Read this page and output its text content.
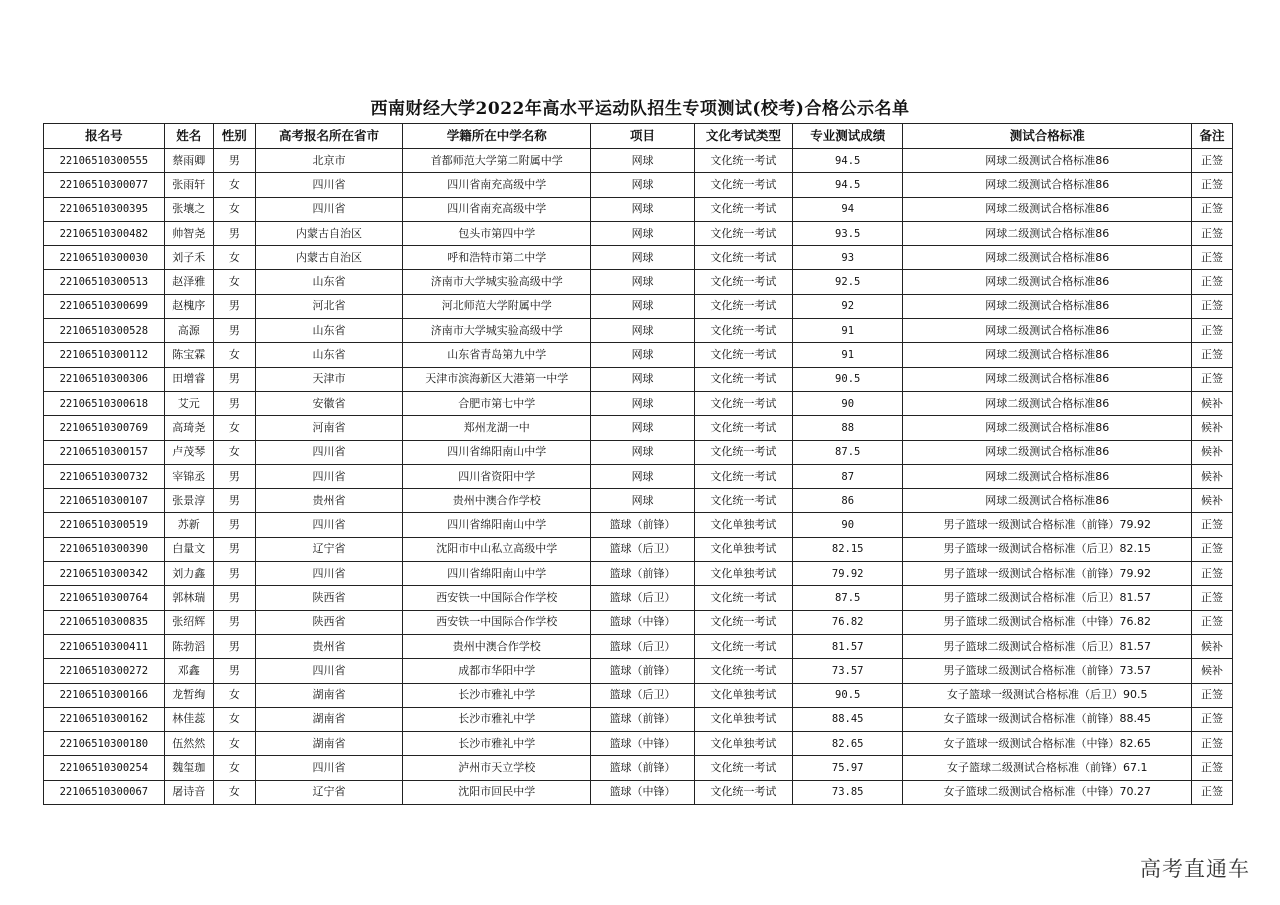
西南财经大学2022年高水平运动队招生专项测试(校考)合格公示名单
报名号	姓名	性别	高考报名所在省市	学籍所在中学名称	项目	文化考试类型	专业测试成绩	测试合格标准	备注
22106510300555	蔡雨卿	男	北京市	首都师范大学第二附属中学	网球	文化统一考试	94.5	网球二级测试合格标准86	正签
22106510300077	张雨轩	女	四川省	四川省南充高级中学	网球	文化统一考试	94.5	网球二级测试合格标准86	正签
22106510300395	张壤之	女	四川省	四川省南充高级中学	网球	文化统一考试	94	网球二级测试合格标准86	正签
22106510300482	帅智尧	男	内蒙古自治区	包头市第四中学	网球	文化统一考试	93.5	网球二级测试合格标准86	正签
22106510300030	刘子禾	女	内蒙古自治区	呼和浩特市第二中学	网球	文化统一考试	93	网球二级测试合格标准86	正签
22106510300513	赵泽雅	女	山东省	济南市大学城实验高级中学	网球	文化统一考试	92.5	网球二级测试合格标准86	正签
22106510300699	赵槐序	男	河北省	河北师范大学附属中学	网球	文化统一考试	92	网球二级测试合格标准86	正签
22106510300528	高源	男	山东省	济南市大学城实验高级中学	网球	文化统一考试	91	网球二级测试合格标准86	正签
22106510300112	陈宝霖	女	山东省	山东省青岛第九中学	网球	文化统一考试	91	网球二级测试合格标准86	正签
22106510300306	田增睿	男	天津市	天津市滨海新区大港第一中学	网球	文化统一考试	90.5	网球二级测试合格标准86	正签
22106510300618	艾元	男	安徽省	合肥市第七中学	网球	文化统一考试	90	网球二级测试合格标准86	候补
22106510300769	高琦尧	女	河南省	郑州龙湖一中	网球	文化统一考试	88	网球二级测试合格标准86	候补
22106510300157	卢茂琴	女	四川省	四川省绵阳南山中学	网球	文化统一考试	87.5	网球二级测试合格标准86	候补
22106510300732	宰锦丞	男	四川省	四川省资阳中学	网球	文化统一考试	87	网球二级测试合格标准86	候补
22106510300107	张景淳	男	贵州省	贵州中澳合作学校	网球	文化统一考试	86	网球二级测试合格标准86	候补
22106510300519	苏新	男	四川省	四川省绵阳南山中学	篮球（前锋）	文化单独考试	90	男子篮球一级测试合格标准（前锋）79.92	正签
22106510300390	白量文	男	辽宁省	沈阳市中山私立高级中学	篮球（后卫）	文化单独考试	82.15	男子篮球一级测试合格标准（后卫）82.15	正签
22106510300342	刘力鑫	男	四川省	四川省绵阳南山中学	篮球（前锋）	文化单独考试	79.92	男子篮球一级测试合格标准（前锋）79.92	正签
22106510300764	郭林瑞	男	陕西省	西安铁一中国际合作学校	篮球（后卫）	文化统一考试	87.5	男子篮球二级测试合格标准（后卫）81.57	正签
22106510300835	张绍辉	男	陕西省	西安铁一中国际合作学校	篮球（中锋）	文化统一考试	76.82	男子篮球二级测试合格标准（中锋）76.82	正签
22106510300411	陈勃滔	男	贵州省	贵州中澳合作学校	篮球（后卫）	文化统一考试	81.57	男子篮球二级测试合格标准（后卫）81.57	候补
22106510300272	邓鑫	男	四川省	成都市华阳中学	篮球（前锋）	文化统一考试	73.57	男子篮球二级测试合格标准（前锋）73.57	候补
22106510300166	龙暂绚	女	湖南省	长沙市雅礼中学	篮球（后卫）	文化单独考试	90.5	女子篮球一级测试合格标准（后卫）90.5	正签
22106510300162	林佳蕊	女	湖南省	长沙市雅礼中学	篮球（前锋）	文化单独考试	88.45	女子篮球一级测试合格标准（前锋）88.45	正签
22106510300180	伍然然	女	湖南省	长沙市雅礼中学	篮球（中锋）	文化单独考试	82.65	女子篮球一级测试合格标准（中锋）82.65	正签
22106510300254	魏玺珈	女	四川省	泸州市天立学校	篮球（前锋）	文化统一考试	75.97	女子篮球二级测试合格标准（前锋）67.1	正签
22106510300067	屠诗音	女	辽宁省	沈阳市回民中学	篮球（中锋）	文化统一考试	73.85	女子篮球二级测试合格标准（中锋）70.27	正签
高考直通车
